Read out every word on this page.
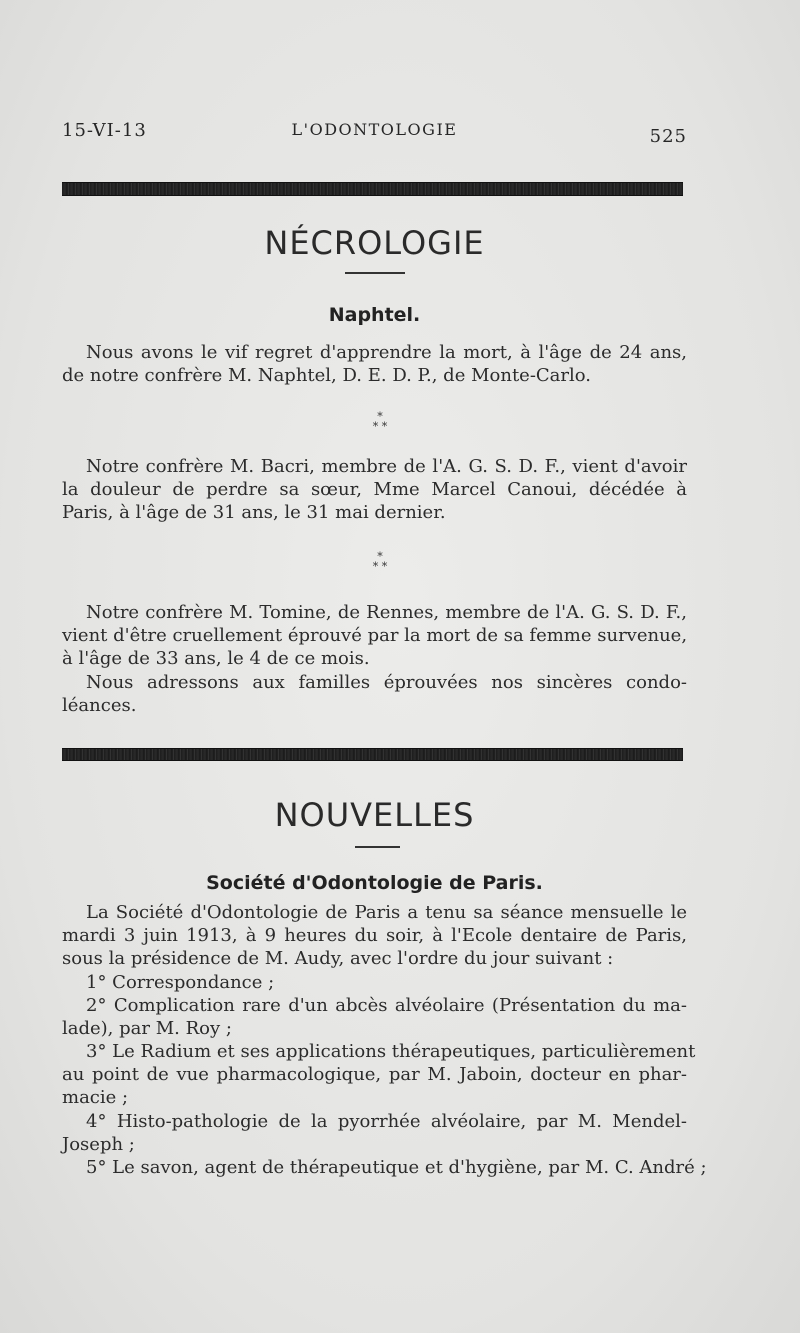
15-VI-13	L'ODONTOLOGIE	525
NÉCROLOGIE
Naphtel.
Nous avons le vif regret d'apprendre la mort, à l'âge de 24 ans,
de notre confrère M. Naphtel, D. E. D. P., de Monte-Carlo.
*
* *
Notre confrère M. Bacri, membre de l'A. G. S. D. F., vient d'avoir
la douleur de perdre sa sœur, Mme Marcel Canoui, décédée à
Paris, à l'âge de 31 ans, le 31 mai dernier.
*
* *
Notre confrère M. Tomine, de Rennes, membre de l'A. G. S. D. F.,
vient d'être cruellement éprouvé par la mort de sa femme survenue,
à l'âge de 33 ans, le 4 de ce mois.
Nous adressons aux familles éprouvées nos sincères condo-
léances.
NOUVELLES
Société d'Odontologie de Paris.
La Société d'Odontologie de Paris a tenu sa séance mensuelle le
mardi 3 juin 1913, à 9 heures du soir, à l'Ecole dentaire de Paris,
sous la présidence de M. Audy, avec l'ordre du jour suivant :
1° Correspondance ;
2° Complication rare d'un abcès alvéolaire (Présentation du ma-
lade), par M. Roy ;
3° Le Radium et ses applications thérapeutiques, particulièrement
au point de vue pharmacologique, par M. Jaboin, docteur en phar-
macie ;
4° Histo-pathologie de la pyorrhée alvéolaire, par M. Mendel-
Joseph ;
5° Le savon, agent de thérapeutique et d'hygiène, par M. C. André ;
